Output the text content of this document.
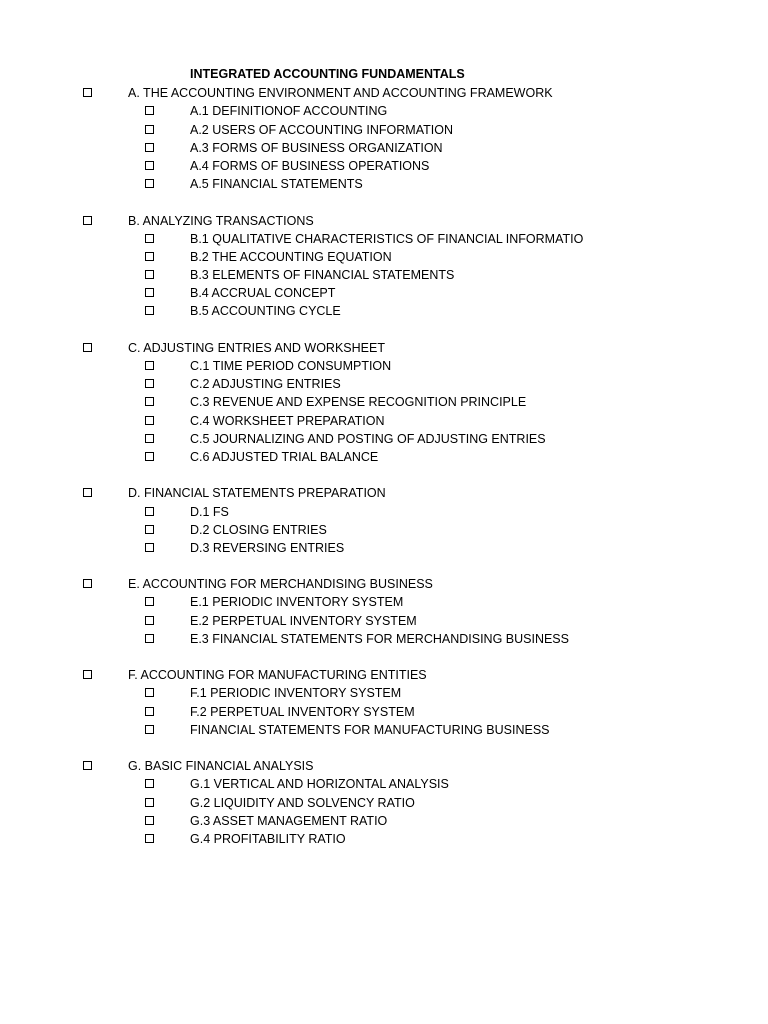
INTEGRATED ACCOUNTING FUNDAMENTALS
A. THE ACCOUNTING ENVIRONMENT AND ACCOUNTING FRAMEWORK
A.1 DEFINITIONOF ACCOUNTING
A.2 USERS OF ACCOUNTING INFORMATION
A.3 FORMS OF BUSINESS ORGANIZATION
A.4 FORMS OF BUSINESS OPERATIONS
A.5 FINANCIAL STATEMENTS
B. ANALYZING TRANSACTIONS
B.1 QUALITATIVE CHARACTERISTICS OF FINANCIAL INFORMATIO
B.2 THE ACCOUNTING EQUATION
B.3 ELEMENTS OF FINANCIAL STATEMENTS
B.4 ACCRUAL CONCEPT
B.5 ACCOUNTING CYCLE
C. ADJUSTING ENTRIES AND WORKSHEET
C.1 TIME PERIOD CONSUMPTION
C.2 ADJUSTING ENTRIES
C.3 REVENUE AND EXPENSE RECOGNITION PRINCIPLE
C.4 WORKSHEET PREPARATION
C.5 JOURNALIZING AND POSTING OF ADJUSTING ENTRIES
C.6 ADJUSTED TRIAL BALANCE
D. FINANCIAL STATEMENTS PREPARATION
D.1 FS
D.2 CLOSING ENTRIES
D.3 REVERSING ENTRIES
E. ACCOUNTING FOR MERCHANDISING BUSINESS
E.1 PERIODIC INVENTORY SYSTEM
E.2 PERPETUAL INVENTORY SYSTEM
E.3 FINANCIAL STATEMENTS FOR MERCHANDISING BUSINESS
F. ACCOUNTING FOR MANUFACTURING ENTITIES
F.1 PERIODIC INVENTORY SYSTEM
F.2 PERPETUAL INVENTORY SYSTEM
FINANCIAL STATEMENTS FOR MANUFACTURING BUSINESS
G. BASIC FINANCIAL ANALYSIS
G.1 VERTICAL AND HORIZONTAL ANALYSIS
G.2 LIQUIDITY AND SOLVENCY RATIO
G.3 ASSET MANAGEMENT RATIO
G.4 PROFITABILITY RATIO
